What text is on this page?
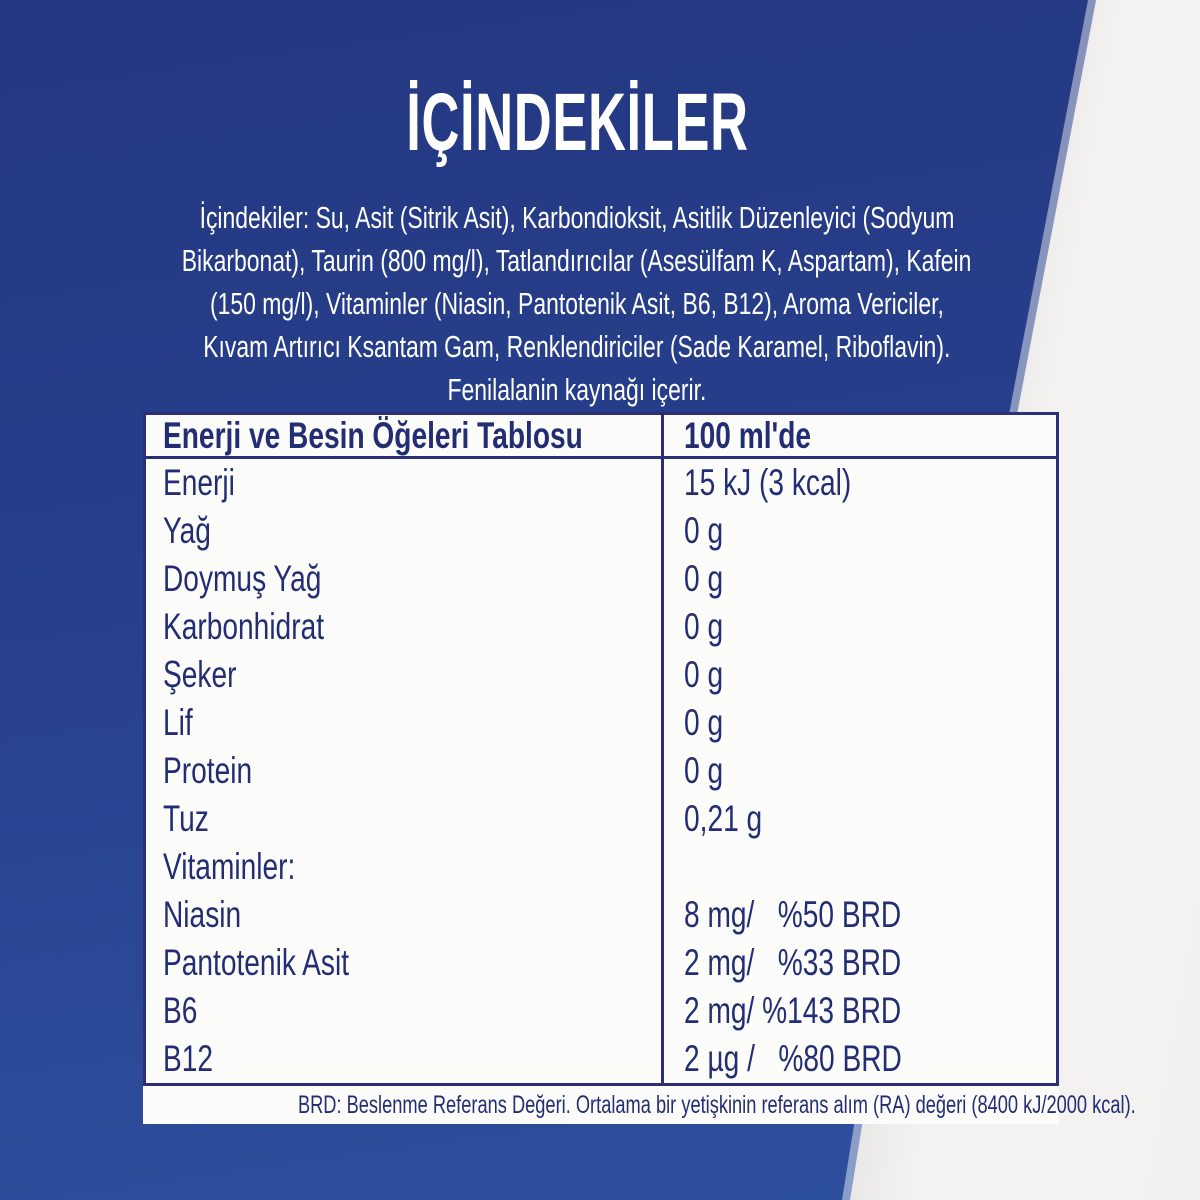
İÇİNDEKİLER
İçindekiler: Su, Asit (Sitrik Asit), Karbondioksit, Asitlik Düzenleyici (Sodyum
Bikarbonat), Taurin (800 mg/l), Tatlandırıcılar (Asesülfam K, Aspartam), Kafein
(150 mg/l), Vitaminler (Niasin, Pantotenik Asit, B6, B12), Aroma Vericiler,
Kıvam Artırıcı Ksantam Gam, Renklendiriciler (Sade Karamel, Riboflavin).
Fenilalanin kaynağı içerir.
Enerji ve Besin Öğeleri Tablosu	100 ml'de
Enerji	15 kJ (3 kcal)
Yağ	0 g
Doymuş Yağ	0 g
Karbonhidrat	0 g
Şeker	0 g
Lif	0 g
Protein	0 g
Tuz	0,21 g
Vitaminler:
Niasin	8 mg/   %50 BRD
Pantotenik Asit	2 mg/   %33 BRD
B6	2 mg/ %143 BRD
B12	2 µg /   %80 BRD
BRD: Beslenme Referans Değeri. Ortalama bir yetişkinin referans alım (RA) değeri (8400 kJ/2000 kcal).
